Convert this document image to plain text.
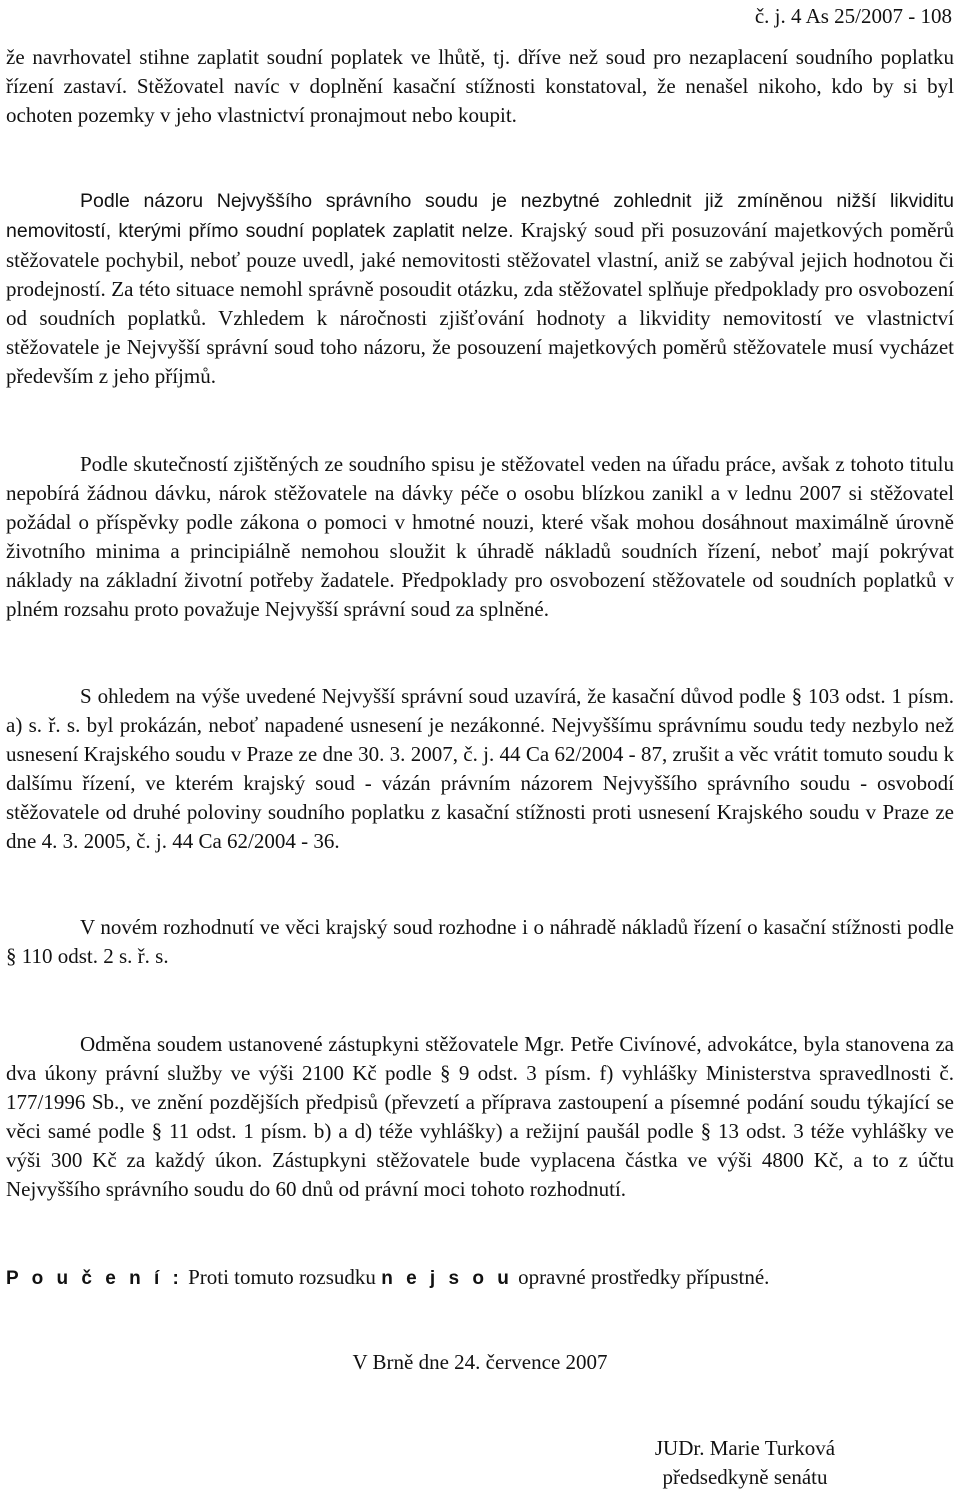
č. j. 4 As 25/2007 - 108

že navrhovatel stihne zaplatit soudní poplatek ve lhůtě, tj. dříve než soud pro nezaplacení soudního poplatku řízení zastaví. Stěžovatel navíc v doplnění kasační stížnosti konstatoval, že nenašel nikoho, kdo by si byl ochoten pozemky v jeho vlastnictví pronajmout nebo koupit.

Podle názoru Nejvyššího správního soudu je nezbytné zohlednit již zmíněnou nižší likviditu nemovitostí, kterými přímo soudní poplatek zaplatit nelze. Krajský soud při posuzování majetkových poměrů stěžovatele pochybil, neboť pouze uvedl, jaké nemovitosti stěžovatel vlastní, aniž se zabýval jejich hodnotou či prodejností. Za této situace nemohl správně posoudit otázku, zda stěžovatel splňuje předpoklady pro osvobození od soudních poplatků. Vzhledem k náročnosti zjišťování hodnoty a likvidity nemovitostí ve vlastnictví stěžovatele je Nejvyšší správní soud toho názoru, že posouzení majetkových poměrů stěžovatele musí vycházet především z jeho příjmů.

Podle skutečností zjištěných ze soudního spisu je stěžovatel veden na úřadu práce, avšak z tohoto titulu nepobírá žádnou dávku, nárok stěžovatele na dávky péče o osobu blízkou zanikl a v lednu 2007 si stěžovatel požádal o příspěvky podle zákona o pomoci v hmotné nouzi, které však mohou dosáhnout maximálně úrovně životního minima a principiálně nemohou sloužit k úhradě nákladů soudních řízení, neboť mají pokrývat náklady na základní životní potřeby žadatele. Předpoklady pro osvobození stěžovatele od soudních poplatků v plném rozsahu proto považuje Nejvyšší správní soud za splněné.

S ohledem na výše uvedené Nejvyšší správní soud uzavírá, že kasační důvod podle § 103 odst. 1 písm. a) s. ř. s. byl prokázán, neboť napadené usnesení je nezákonné. Nejvyššímu správnímu soudu tedy nezbylo než usnesení Krajského soudu v Praze ze dne 30. 3. 2007, č. j. 44 Ca 62/2004 - 87, zrušit a věc vrátit tomuto soudu k dalšímu řízení, ve kterém krajský soud - vázán právním názorem Nejvyššího správního soudu - osvobodí stěžovatele od druhé poloviny soudního poplatku z kasační stížnosti proti usnesení Krajského soudu v Praze ze dne 4. 3. 2005, č. j. 44 Ca 62/2004 - 36.

V novém rozhodnutí ve věci krajský soud rozhodne i o náhradě nákladů řízení o kasační stížnosti podle § 110 odst. 2 s. ř. s.

Odměna soudem ustanovené zástupkyni stěžovatele Mgr. Petře Civínové, advokátce, byla stanovena za dva úkony právní služby ve výši 2100 Kč podle § 9 odst. 3 písm. f) vyhlášky Ministerstva spravedlnosti č. 177/1996 Sb., ve znění pozdějších předpisů (převzetí a příprava zastoupení a písemné podání soudu týkající se věci samé podle § 11 odst. 1 písm. b) a d) téže vyhlášky) a režijní paušál podle § 13 odst. 3 téže vyhlášky ve výši 300 Kč za každý úkon. Zástupkyni stěžovatele bude vyplacena částka ve výši 4800 Kč, a to z účtu Nejvyššího správního soudu do 60 dnů od právní moci tohoto rozhodnutí.

P o u č e n í : Proti tomuto rozsudku n e j s o u opravné prostředky přípustné.
V Brně dne 24. července 2007
JUDr. Marie Turková
předsedkyně senátu
